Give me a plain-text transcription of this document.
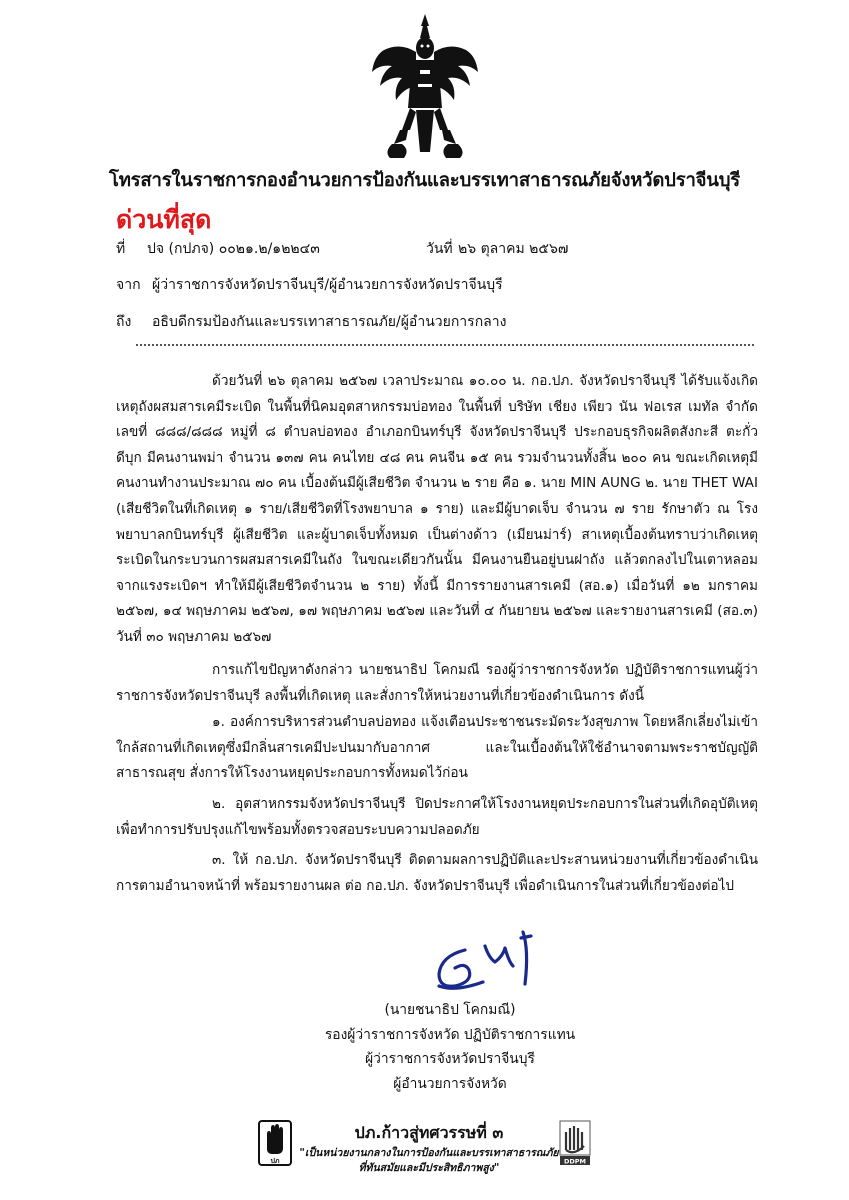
โทรสารในราชการกองอำนวยการป้องกันและบรรเทาสาธารณภัยจังหวัดปราจีนบุรี
ด่วนที่สุด
ที่ ปจ (กปภจ) ๐๐๒๑.๒/๑๒๒๔๓	วันที่ ๒๖ ตุลาคม ๒๕๖๗
จาก ผู้ว่าราชการจังหวัดปราจีนบุรี/ผู้อำนวยการจังหวัดปราจีนบุรี
ถึง อธิบดีกรมป้องกันและบรรเทาสาธารณภัย/ผู้อำนวยการกลาง

ด้วยวันที่ ๒๖ ตุลาคม ๒๕๖๗ เวลาประมาณ ๑๐.๐๐ น. กอ.ปภ. จังหวัดปราจีนบุรี ได้รับแจ้งเกิดเหตุถังผสมสารเคมีระเบิด ในพื้นที่นิคมอุตสาหกรรมบ่อทอง ในพื้นที่ บริษัท เชียง เพียว นัน ฟอเรส เมทัล จำกัด เลขที่ ๘๘๘/๘๘๘ หมู่ที่ ๘ ตำบลบ่อทอง อำเภอกบินทร์บุรี จังหวัดปราจีนบุรี ประกอบธุรกิจผลิตสังกะสี ตะกั่ว ดีบุก มีคนงานพม่า จำนวน ๑๓๗ คน คนไทย ๔๘ คน คนจีน ๑๕ คน รวมจำนวนทั้งสิ้น ๒๐๐ คน ขณะเกิดเหตุมีคนงานทำงานประมาณ ๗๐ คน เบื้องต้นมีผู้เสียชีวิต จำนวน ๒ ราย คือ ๑. นาย MIN AUNG ๒. นาย THET WAI (เสียชีวิตในที่เกิดเหตุ ๑ ราย/เสียชีวิตที่โรงพยาบาล ๑ ราย) และมีผู้บาดเจ็บ จำนวน ๗ ราย รักษาตัว ณ โรงพยาบาลกบินทร์บุรี ผู้เสียชีวิต และผู้บาดเจ็บทั้งหมด เป็นต่างด้าว (เมียนม่าร์) สาเหตุเบื้องต้นทราบว่าเกิดเหตุระเบิดในกระบวนการผสมสารเคมีในถัง ในขณะเดียวกันนั้น มีคนงานยืนอยู่บนฝาถัง แล้วตกลงไปในเตาหลอมจากแรงระเบิดฯ ทำให้มีผู้เสียชีวิตจำนวน ๒ ราย) ทั้งนี้ มีการรายงานสารเคมี (สอ.๑) เมื่อวันที่ ๑๒ มกราคม ๒๕๖๗, ๑๔ พฤษภาคม ๒๕๖๗, ๑๗ พฤษภาคม ๒๕๖๗ และวันที่ ๔ กันยายน ๒๕๖๗ และรายงานสารเคมี (สอ.๓) วันที่ ๓๐ พฤษภาคม ๒๕๖๗

การแก้ไขปัญหาดังกล่าว นายชนาธิป โคกมณี รองผู้ว่าราชการจังหวัด ปฏิบัติราชการแทนผู้ว่าราชการจังหวัดปราจีนบุรี ลงพื้นที่เกิดเหตุ และสั่งการให้หน่วยงานที่เกี่ยวข้องดำเนินการ ดังนี้

๑. องค์การบริหารส่วนตำบลบ่อทอง แจ้งเตือนประชาชนระมัดระวังสุขภาพ โดยหลีกเลี่ยงไม่เข้าใกล้สถานที่เกิดเหตุซึ่งมีกลิ่นสารเคมีปะปนมากับอากาศ และในเบื้องต้นให้ใช้อำนาจตามพระราชบัญญัติสาธารณสุข สั่งการให้โรงงานหยุดประกอบการทั้งหมดไว้ก่อน

๒. อุตสาหกรรมจังหวัดปราจีนบุรี ปิดประกาศให้โรงงานหยุดประกอบการในส่วนที่เกิดอุบัติเหตุ เพื่อทำการปรับปรุงแก้ไขพร้อมทั้งตรวจสอบระบบความปลอดภัย

๓. ให้ กอ.ปภ. จังหวัดปราจีนบุรี ติดตามผลการปฏิบัติและประสานหน่วยงานที่เกี่ยวข้องดำเนินการตามอำนาจหน้าที่ พร้อมรายงานผล ต่อ กอ.ปภ. จังหวัดปราจีนบุรี เพื่อดำเนินการในส่วนที่เกี่ยวข้องต่อไป

(นายชนาธิป โคกมณี)
รองผู้ว่าราชการจังหวัด ปฏิบัติราชการแทน
ผู้ว่าราชการจังหวัดปราจีนบุรี
ผู้อำนวยการจังหวัด
ปภ
ปภ.ก้าวสู่ทศวรรษที่ ๓
"เป็นหน่วยงานกลางในการป้องกันและบรรเทาสาธารณภัย
ที่ทันสมัยและมีประสิทธิภาพสูง"
DDPM
